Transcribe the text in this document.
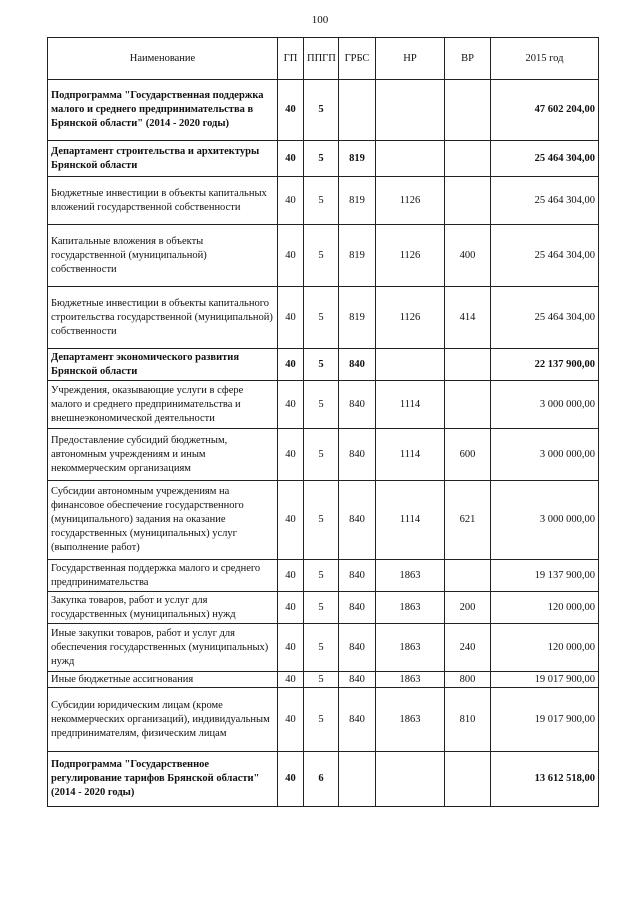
100
Наименование	ГП	ППГП	ГРБС	НР	ВР	2015 год
Подпрограмма "Государственная поддержка малого и среднего предпринимательства в Брянской области" (2014 - 2020 годы)	40	5				47 602 204,00
Департамент строительства и архитектуры Брянской области	40	5	819			25 464 304,00
Бюджетные инвестиции в объекты капитальных вложений государственной собственности	40	5	819	1126		25 464 304,00
Капитальные вложения в объекты государственной (муниципальной) собственности	40	5	819	1126	400	25 464 304,00
Бюджетные инвестиции в объекты капитального строительства государственной (муниципальной) собственности	40	5	819	1126	414	25 464 304,00
Департамент экономического развития Брянской области	40	5	840			22 137 900,00
Учреждения, оказывающие услуги в сфере малого и среднего предпринимательства и внешнеэкономической деятельности	40	5	840	1114		3 000 000,00
Предоставление субсидий бюджетным, автономным учреждениям и иным некоммерческим организациям	40	5	840	1114	600	3 000 000,00
Субсидии автономным учреждениям на финансовое обеспечение государственного (муниципального) задания на оказание государственных (муниципальных) услуг (выполнение работ)	40	5	840	1114	621	3 000 000,00
Государственная поддержка малого и среднего предпринимательства	40	5	840	1863		19 137 900,00
Закупка товаров, работ и услуг для государственных (муниципальных) нужд	40	5	840	1863	200	120 000,00
Иные закупки товаров, работ и услуг для обеспечения государственных (муниципальных) нужд	40	5	840	1863	240	120 000,00
Иные бюджетные ассигнования	40	5	840	1863	800	19 017 900,00
Субсидии юридическим лицам (кроме некоммерческих организаций), индивидуальным предпринимателям, физическим лицам	40	5	840	1863	810	19 017 900,00
Подпрограмма "Государственное регулирование тарифов Брянской области" (2014 - 2020 годы)	40	6				13 612 518,00
